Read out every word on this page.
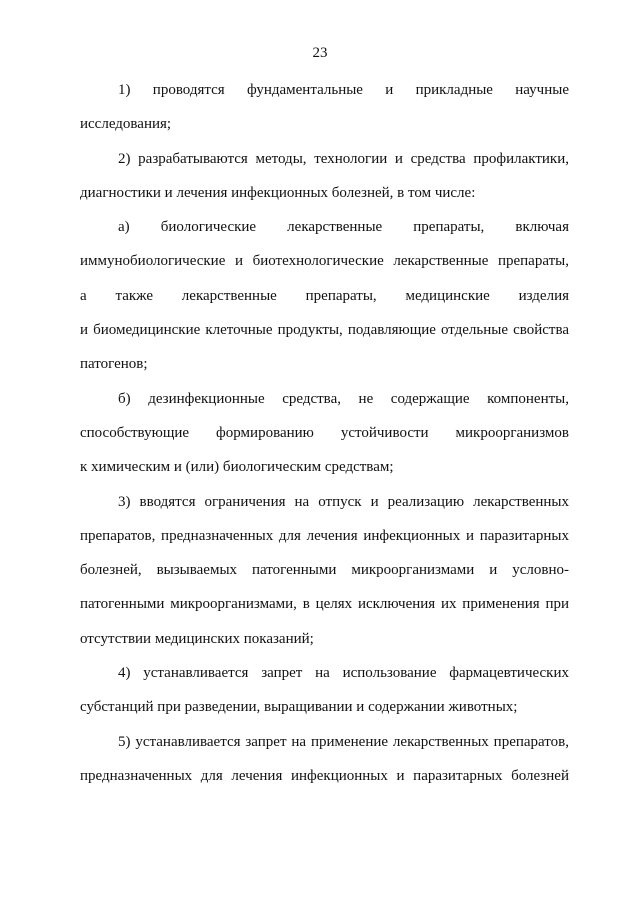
23
1) проводятся фундаментальные и прикладные научные
исследования;
2) разрабатываются методы, технологии и средства профилактики,
диагностики и лечения инфекционных болезней, в том числе:
а) биологические лекарственные препараты, включая
иммунобиологические и биотехнологические лекарственные препараты,
а также лекарственные препараты, медицинские изделия
и биомедицинские клеточные продукты, подавляющие отдельные свойства
патогенов;
б) дезинфекционные средства, не содержащие компоненты,
способствующие формированию устойчивости микроорганизмов
к химическим и (или) биологическим средствам;
3) вводятся ограничения на отпуск и реализацию лекарственных
препаратов, предназначенных для лечения инфекционных и паразитарных
болезней, вызываемых патогенными микроорганизмами и условно-
патогенными микроорганизмами, в целях исключения их применения при
отсутствии медицинских показаний;
4) устанавливается запрет на использование фармацевтических
субстанций при разведении, выращивании и содержании животных;
5) устанавливается запрет на применение лекарственных препаратов,
предназначенных для лечения инфекционных и паразитарных болезней
